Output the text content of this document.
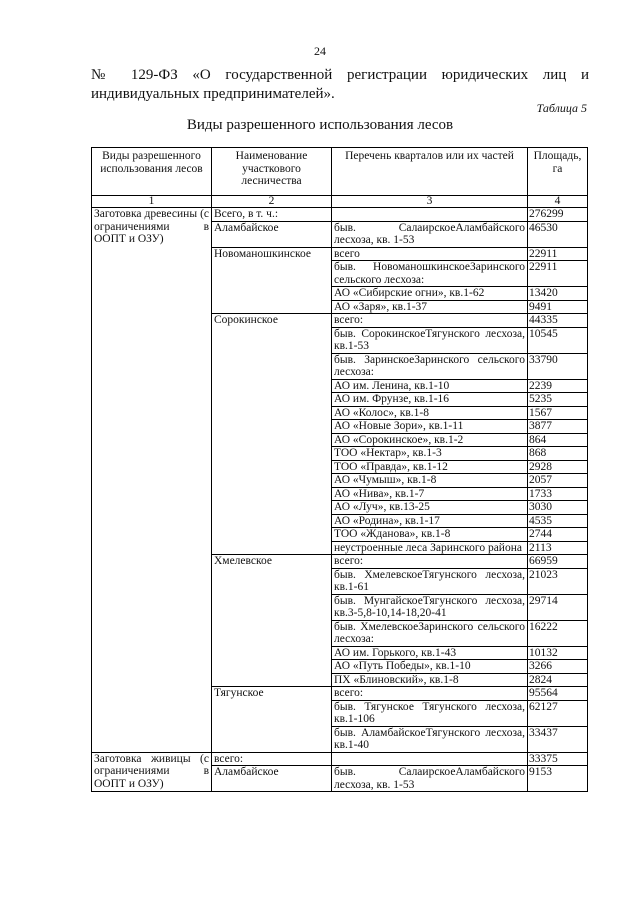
24
№ 129-ФЗ «О государственной регистрации юридических лиц и
индивидуальных предпринимателей».
Таблица 5
Виды разрешенного использования лесов
Виды разрешенного использования лесов	Наименование участкового лесничества	Перечень кварталов или их частей	Площадь, га
1	2	3	4
Заготовка древесины (с ограничениями в ООПТ и ОЗУ)	Всего, в т. ч.:		276299
	Аламбайское	быв. СалаирскоеАламбайского лесхоза, кв. 1-53	46530
	Новоманошкинское	всего	22911
		быв. НовоманошкинскоеЗаринского сельского лесхоза:	22911
		АО «Сибирские огни», кв.1-62	13420
		АО «Заря», кв.1-37	9491
	Сорокинское	всего:	44335
		быв. СорокинскоеТягунского лесхоза, кв.1-53	10545
		быв. ЗаринскоеЗаринского сельского лесхоза:	33790
		АО им. Ленина, кв.1-10	2239
		АО им. Фрунзе, кв.1-16	5235
		АО «Колос», кв.1-8	1567
		АО «Новые Зори», кв.1-11	3877
		АО «Сорокинское», кв.1-2	864
		ТОО «Нектар», кв.1-3	868
		ТОО «Правда», кв.1-12	2928
		АО «Чумыш», кв.1-8	2057
		АО «Нива», кв.1-7	1733
		АО «Луч», кв.13-25	3030
		АО «Родина», кв.1-17	4535
		ТОО «Жданова», кв.1-8	2744
		неустроенные леса Заринского района	2113
	Хмелевское	всего:	66959
		быв. ХмелевскоеТягунского лесхоза, кв.1-61	21023
		быв. МунгайскоеТягунского лесхоза, кв.3-5,8-10,14-18,20-41	29714
		быв. ХмелевскоеЗаринского сельского лесхоза:	16222
		АО им. Горького, кв.1-43	10132
		АО «Путь Победы», кв.1-10	3266
		ПХ «Блиновский», кв.1-8	2824
	Тягунское	всего:	95564
		быв. Тягунское Тягунского лесхоза, кв.1-106	62127
		быв. АламбайскоеТягунского лесхоза, кв.1-40	33437
Заготовка живицы (с ограничениями в ООПТ и ОЗУ)	всего:		33375
	Аламбайское	быв. СалаирскоеАламбайского лесхоза, кв. 1-53	9153
